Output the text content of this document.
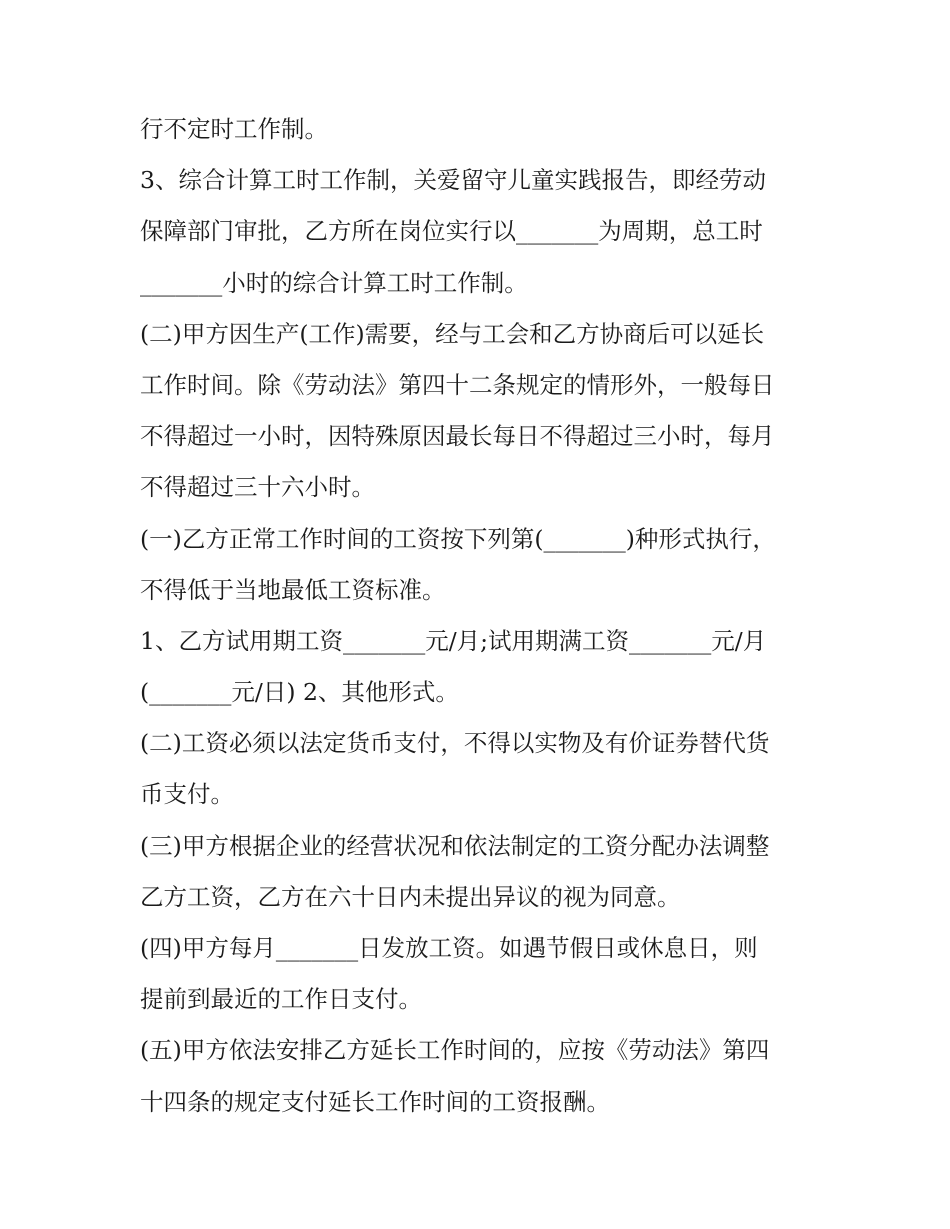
行不定时工作制。
3、综合计算工时工作制，关爱留守儿童实践报告，即经劳动
保障部门审批，乙方所在岗位实行以_______为周期，总工时
_______小时的综合计算工时工作制。
(二)甲方因生产(工作)需要，经与工会和乙方协商后可以延长
工作时间。除《劳动法》第四十二条规定的情形外，一般每日
不得超过一小时，因特殊原因最长每日不得超过三小时，每月
不得超过三十六小时。
(一)乙方正常工作时间的工资按下列第(_______)种形式执行，
不得低于当地最低工资标准。
1、乙方试用期工资_______元/月;试用期满工资_______元/月
(_______元/日) 2、其他形式。
(二)工资必须以法定货币支付，不得以实物及有价证券替代货
币支付。
(三)甲方根据企业的经营状况和依法制定的工资分配办法调整
乙方工资，乙方在六十日内未提出异议的视为同意。
(四)甲方每月_______日发放工资。如遇节假日或休息日，则
提前到最近的工作日支付。
(五)甲方依法安排乙方延长工作时间的，应按《劳动法》第四
十四条的规定支付延长工作时间的工资报酬。
